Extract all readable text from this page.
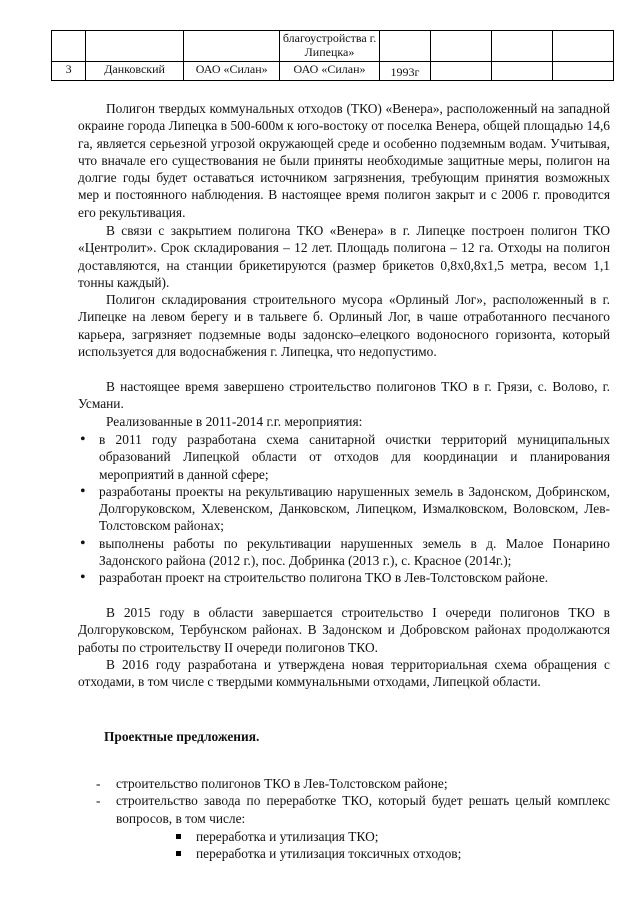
			благоустройства г. Липецка»				
3	Данковский	ОАО «Силан»	ОАО «Силан»	1993г			

Полигон твердых коммунальных отходов (ТКО) «Венера», расположенный на западной окраине города Липецка в 500-600м к юго-востоку от поселка Венера, общей площадью 14,6 га, является серьезной угрозой окружающей среде и особенно подземным водам. Учитывая, что вначале его существования не были приняты необходимые защитные меры, полигон на долгие годы будет оставаться источником загрязнения, требующим принятия возможных мер и постоянного наблюдения. В настоящее время полигон закрыт и с 2006 г. проводится его рекультивация.

В связи с закрытием полигона ТКО «Венера» в г. Липецке построен полигон ТКО «Центролит». Срок складирования – 12 лет. Площадь полигона – 12 га. Отходы на полигон доставляются, на станции брикетируются (размер брикетов 0,8х0,8х1,5 метра, весом 1,1 тонны каждый).

Полигон складирования строительного мусора «Орлиный Лог», расположенный в г. Липецке на левом берегу и в тальвеге б. Орлиный Лог, в чаше отработанного песчаного карьера, загрязняет подземные воды задонско–елецкого водоносного горизонта, который используется для водоснабжения г. Липецка, что недопустимо.

В настоящее время завершено строительство полигонов ТКО в г. Грязи, с. Волово, г. Усмани.

Реализованные в 2011-2014 г.г. мероприятия:

• в 2011 году разработана схема санитарной очистки территорий муниципальных образований Липецкой области от отходов для координации и планирования мероприятий в данной сфере;
• разработаны проекты на рекультивацию нарушенных земель в Задонском, Добринском, Долгоруковском, Хлевенском, Данковском, Липецком, Измалковском, Воловском, Лев-Толстовском районах;
• выполнены работы по рекультивации нарушенных земель в д. Малое Понарино Задонского района (2012 г.), пос. Добринка (2013 г.), с. Красное (2014г.);
• разработан проект на строительство полигона ТКО в Лев-Толстовском районе.

В 2015 году в области завершается строительство I очереди полигонов ТКО в Долгоруковском, Тербунском районах. В Задонском и Добровском районах продолжаются работы по строительству II очереди полигонов ТКО.

В 2016 году разработана и утверждена новая территориальная схема обращения с отходами, в том числе с твердыми коммунальными отходами, Липецкой области.

Проектные предложения.

- строительство полигонов ТКО в Лев-Толстовском районе;
- строительство завода по переработке ТКО, который будет решать целый комплекс вопросов, в том числе:
переработка и утилизация ТКО;
переработка и утилизация токсичных отходов;
